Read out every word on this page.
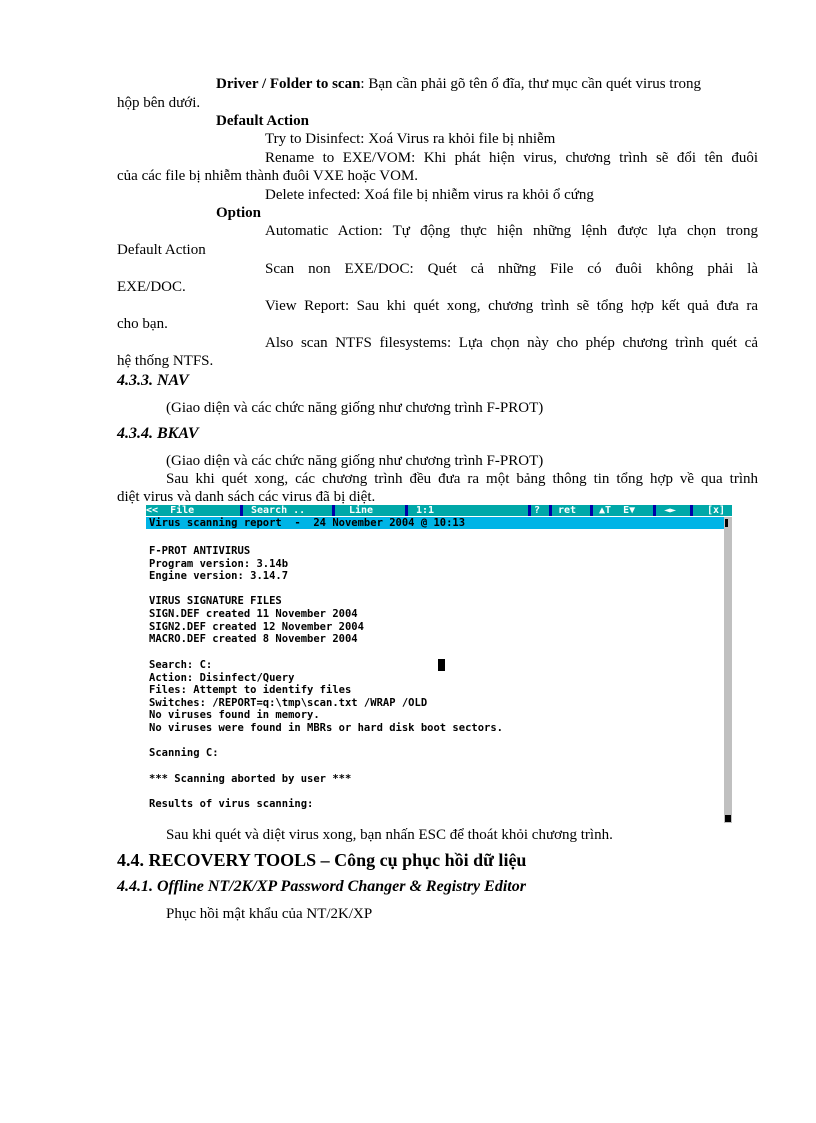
Driver / Folder to scan: Bạn cần phải gõ tên ổ đĩa, thư mục cần quét virus trong
hộp bên dưới.
Default Action
Try to Disinfect: Xoá Virus ra khỏi file bị nhiễm
Rename to EXE/VOM: Khi phát hiện virus, chương trình sẽ đổi tên đuôi
của các file bị nhiễm thành đuôi VXE hoặc VOM.
Delete infected: Xoá file bị nhiễm virus ra khỏi ổ cứng
Option
Automatic Action: Tự động thực hiện những lệnh được lựa chọn trong
Default Action
Scan non EXE/DOC: Quét cả những File có đuôi không phải là
EXE/DOC.
View Report: Sau khi quét xong, chương trình sẽ tổng hợp kết quả đưa ra
cho bạn.
Also scan NTFS filesystems: Lựa chọn này cho phép chương trình quét cả
hệ thống NTFS.
4.3.3. NAV
(Giao diện và các chức năng giống như chương trình F-PROT)
4.3.4. BKAV
(Giao diện và các chức năng giống như chương trình F-PROT)
Sau khi quét xong, các chương trình đều đưa ra một bảng thông tin tổng hợp về qua trình
diệt virus và danh sách các virus đã bị diệt.
<<  File	Search ..	Line	1:1	?	ret	▲T  E▼	◄►	[x]
Virus scanning report  -  24 November 2004 @ 10:13
F-PROT ANTIVIRUS
Program version: 3.14b
Engine version: 3.14.7
VIRUS SIGNATURE FILES
SIGN.DEF created 11 November 2004
SIGN2.DEF created 12 November 2004
MACRO.DEF created 8 November 2004
Search: C:
Action: Disinfect/Query
Files: Attempt to identify files
Switches: /REPORT=q:\tmp\scan.txt /WRAP /OLD
No viruses found in memory.
No viruses were found in MBRs or hard disk boot sectors.
Scanning C:
*** Scanning aborted by user ***
Results of virus scanning:
Sau khi quét và diệt virus xong, bạn nhấn ESC để thoát khỏi chương trình.
4.4. RECOVERY TOOLS – Công cụ phục hồi dữ liệu
4.4.1. Offline NT/2K/XP Password Changer & Registry Editor
Phục hồi mật khẩu của NT/2K/XP
